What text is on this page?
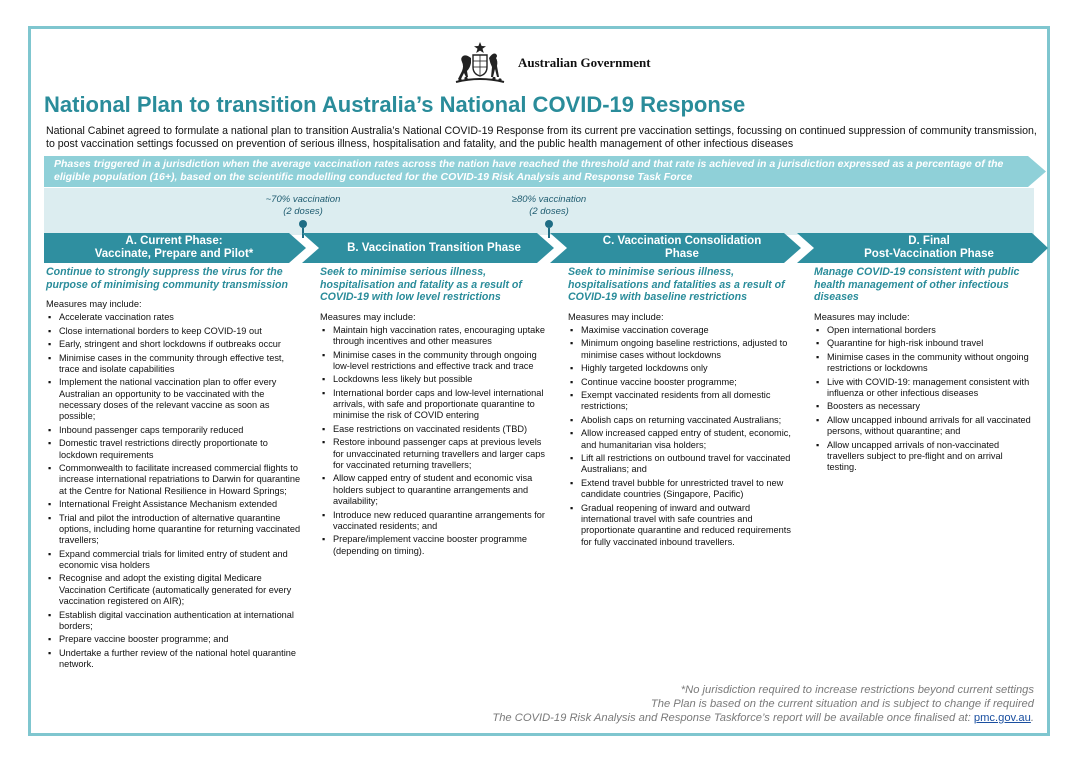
Australian Government
National Plan to transition Australia’s National COVID-19 Response
National Cabinet agreed to formulate a national plan to transition Australia’s National COVID-19 Response from its current pre vaccination settings, focussing on continued suppression of community transmission, to post vaccination settings focussed on prevention of serious illness, hospitalisation and fatality, and the public health management of other infectious diseases
Phases triggered in a jurisdiction when the average vaccination rates across the nation have reached the threshold and that rate is achieved in a jurisdiction expressed as a percentage of the eligible population (16+), based on the scientific modelling conducted for the COVID-19 Risk Analysis and Response Task Force
~70% vaccination
(2 doses)
≥80% vaccination
(2 doses)
A. Current Phase:
Vaccinate, Prepare and Pilot*
B. Vaccination Transition Phase
C. Vaccination Consolidation
Phase
D. Final
Post-Vaccination Phase
Continue to strongly suppress the virus for the purpose of minimising community transmission
Measures may include:
▪ Accelerate vaccination rates
▪ Close international borders to keep COVID-19 out
▪ Early, stringent and short lockdowns if outbreaks occur
▪ Minimise cases in the community through effective test, trace and isolate capabilities
▪ Implement the national vaccination plan to offer every Australian an opportunity to be vaccinated with the necessary doses of the relevant vaccine as soon as possible;
▪ Inbound passenger caps temporarily reduced
▪ Domestic travel restrictions directly proportionate to lockdown requirements
▪ Commonwealth to facilitate increased commercial flights to increase international repatriations to Darwin for quarantine at the Centre for National Resilience in Howard Springs;
▪ International Freight Assistance Mechanism extended
▪ Trial and pilot the introduction of alternative quarantine options, including home quarantine for returning vaccinated travellers;
▪ Expand commercial trials for limited entry of student and economic visa holders
▪ Recognise and adopt the existing digital Medicare Vaccination Certificate (automatically generated for every vaccination registered on AIR);
▪ Establish digital vaccination authentication at international borders;
▪ Prepare vaccine booster programme; and
▪ Undertake a further review of the national hotel quarantine network.
Seek to minimise serious illness, hospitalisation and fatality as a result of COVID-19 with low level restrictions
Measures may include:
▪ Maintain high vaccination rates, encouraging uptake through incentives and other measures
▪ Minimise cases in the community through ongoing low-level restrictions and effective track and trace
▪ Lockdowns less likely but possible
▪ International border caps and low-level international arrivals, with safe and proportionate quarantine to minimise the risk of COVID entering
▪ Ease restrictions on vaccinated residents (TBD)
▪ Restore inbound passenger caps at previous levels for unvaccinated returning travellers and larger caps for vaccinated returning travellers;
▪ Allow capped entry of student and economic visa holders subject to quarantine arrangements and availability;
▪ Introduce new reduced quarantine arrangements for vaccinated residents; and
▪ Prepare/implement vaccine booster programme (depending on timing).
Seek to minimise serious illness, hospitalisations and fatalities as a result of COVID-19 with baseline restrictions
Measures may include:
▪ Maximise vaccination coverage
▪ Minimum ongoing baseline restrictions, adjusted to minimise cases without lockdowns
▪ Highly targeted lockdowns only
▪ Continue vaccine booster programme;
▪ Exempt vaccinated residents from all domestic restrictions;
▪ Abolish caps on returning vaccinated Australians;
▪ Allow increased capped entry of student, economic, and humanitarian visa holders;
▪ Lift all restrictions on outbound travel for vaccinated Australians; and
▪ Extend travel bubble for unrestricted travel to new candidate countries (Singapore, Pacific)
▪ Gradual reopening of inward and outward international travel with safe countries and proportionate quarantine and reduced requirements for fully vaccinated inbound travellers.
Manage COVID-19 consistent with public health management of other infectious diseases
Measures may include:
▪ Open international borders
▪ Quarantine for high-risk inbound travel
▪ Minimise cases in the community without ongoing restrictions or lockdowns
▪ Live with COVID-19: management consistent with influenza or other infectious diseases
▪ Boosters as necessary
▪ Allow uncapped inbound arrivals for all vaccinated persons, without quarantine; and
▪ Allow uncapped arrivals of non-vaccinated travellers subject to pre-flight and on arrival testing.
*No jurisdiction required to increase restrictions beyond current settings
The Plan is based on the current situation and is subject to change if required
The COVID-19 Risk Analysis and Response Taskforce’s report will be available once finalised at: pmc.gov.au.
